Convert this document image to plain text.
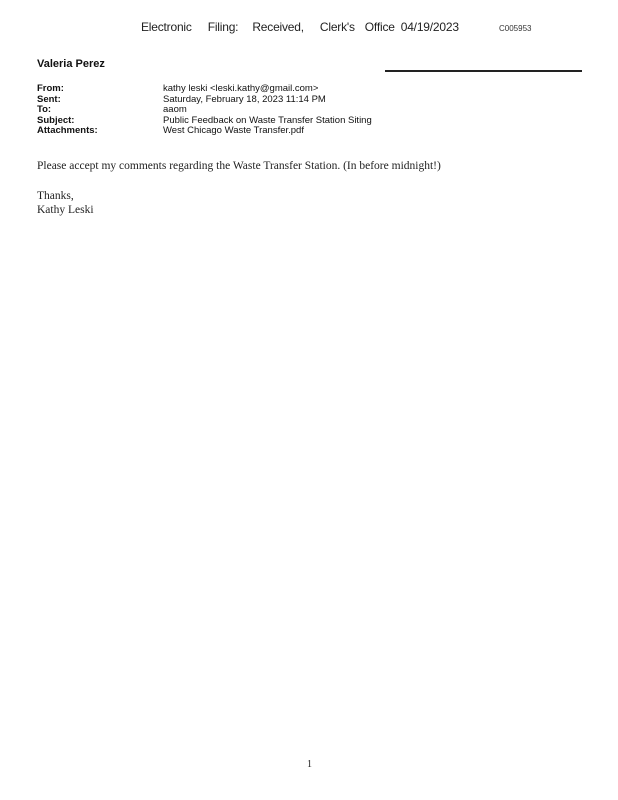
Electronic Filing: Received, Clerk's Office 04/19/2023	C005953
Valeria Perez
From:	kathy leski <leski.kathy@gmail.com>
Sent:	Saturday, February 18, 2023 11:14 PM
To:	aaom
Subject:	Public Feedback on Waste Transfer Station Siting
Attachments:	West Chicago Waste Transfer.pdf

Please accept my comments regarding the Waste Transfer Station. (In before midnight!)

Thanks,

Kathy Leski

1
